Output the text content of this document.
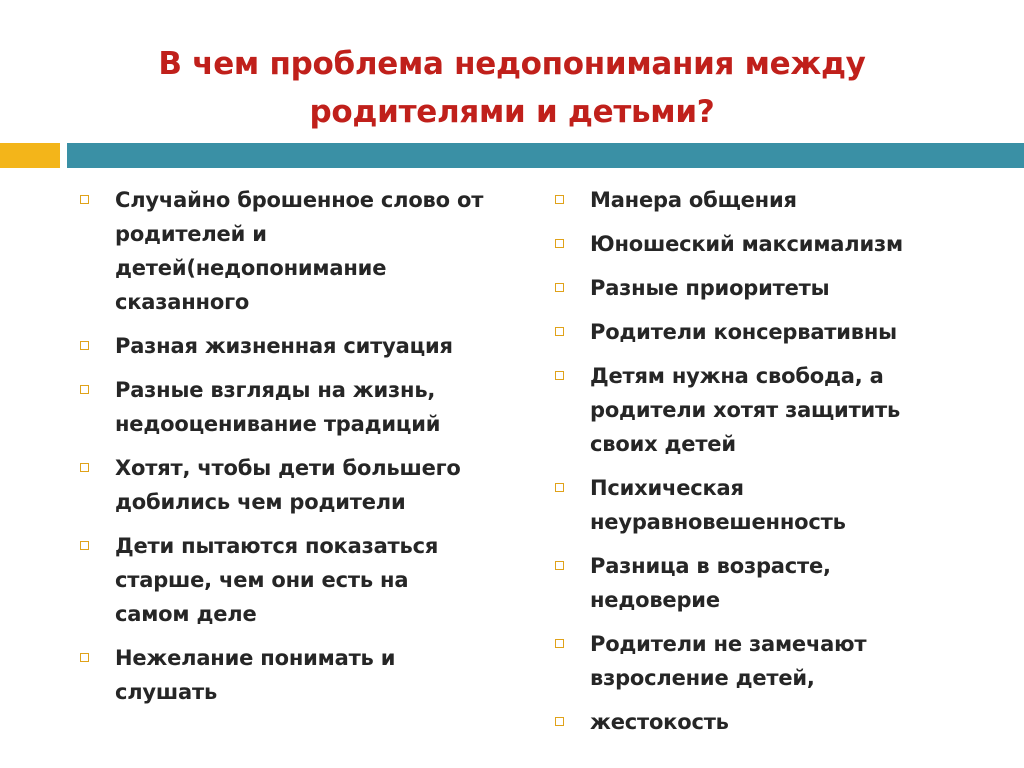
В чем проблема недопонимания между
родителями и детьми?
Случайно брошенное слово от
родителей и
детей(недопонимание
сказанного
Разная жизненная ситуация
Разные взгляды на жизнь,
недооценивание традиций
Хотят, чтобы дети большего
добились чем родители
Дети пытаются показаться
старше, чем они есть на
самом деле
Нежелание понимать и
слушать
Манера общения
Юношеский максимализм
Разные приоритеты
Родители консервативны
Детям нужна свобода, а
родители хотят защитить
своих детей
Психическая
неуравновешенность
Разница в возрасте,
недоверие
Родители не замечают
взросление детей,
жестокость
